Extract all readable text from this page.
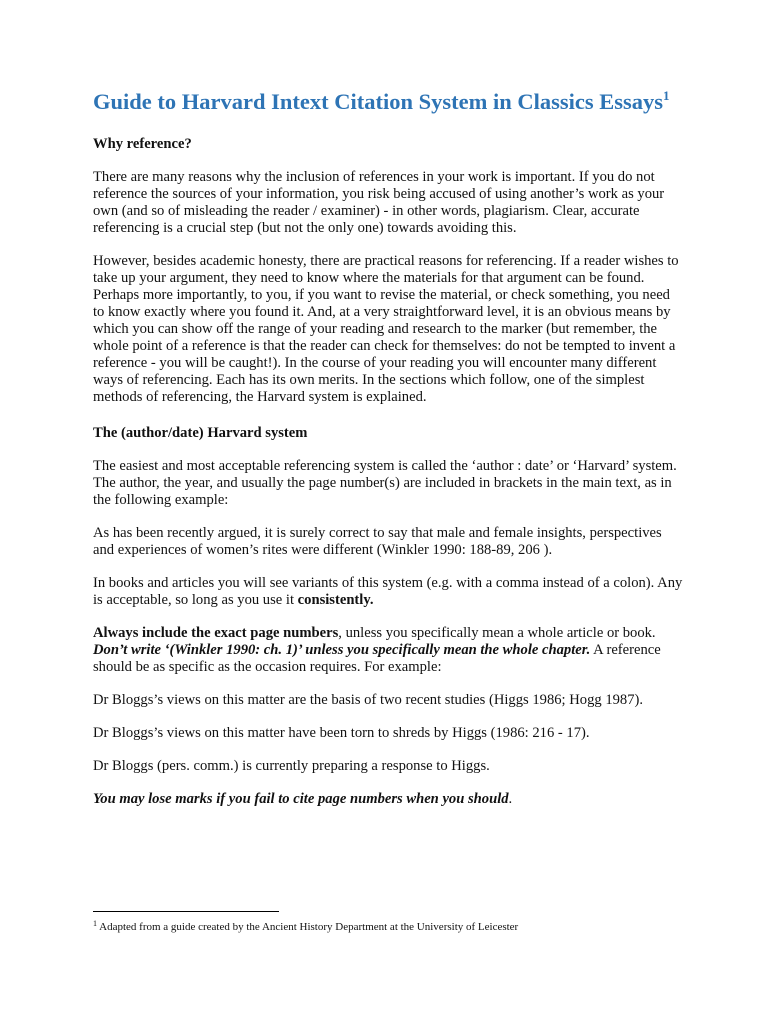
Guide to Harvard Intext Citation System in Classics Essays$^1$
Why reference?

There are many reasons why the inclusion of references in your work is important. If you do not reference the sources of your information, you risk being accused of using another’s work as your own (and so of misleading the reader / examiner) - in other words, plagiarism. Clear, accurate referencing is a crucial step (but not the only one) towards avoiding this.

However, besides academic honesty, there are practical reasons for referencing. If a reader wishes to take up your argument, they need to know where the materials for that argument can be found. Perhaps more importantly, to you, if you want to revise the material, or check something, you need to know exactly where you found it. And, at a very straightforward level, it is an obvious means by which you can show off the range of your reading and research to the marker (but remember, the whole point of a reference is that the reader can check for themselves: do not be tempted to invent a reference - you will be caught!). In the course of your reading you will encounter many different ways of referencing. Each has its own merits. In the sections which follow, one of the simplest methods of referencing, the Harvard system is explained.

The (author/date) Harvard system

The easiest and most acceptable referencing system is called the ‘author : date’ or ‘Harvard’ system. The author, the year, and usually the page number(s) are included in brackets in the main text, as in the following example:

As has been recently argued, it is surely correct to say that male and female insights, perspectives and experiences of women’s rites were different (Winkler 1990: 188-89, 206 ).

In books and articles you will see variants of this system (e.g. with a comma instead of a colon). Any is acceptable, so long as you use it consistently.

Always include the exact page numbers, unless you specifically mean a whole article or book. Don’t write ‘(Winkler 1990: ch. 1)’ unless you specifically mean the whole chapter. A reference should be as specific as the occasion requires. For example:

Dr Bloggs’s views on this matter are the basis of two recent studies (Higgs 1986; Hogg 1987).

Dr Bloggs’s views on this matter have been torn to shreds by Higgs (1986: 216 - 17).

Dr Bloggs (pers. comm.) is currently preparing a response to Higgs.

You may lose marks if you fail to cite page numbers when you should.

$^1$ Adapted from a guide created by the Ancient History Department at the University of Leicester
